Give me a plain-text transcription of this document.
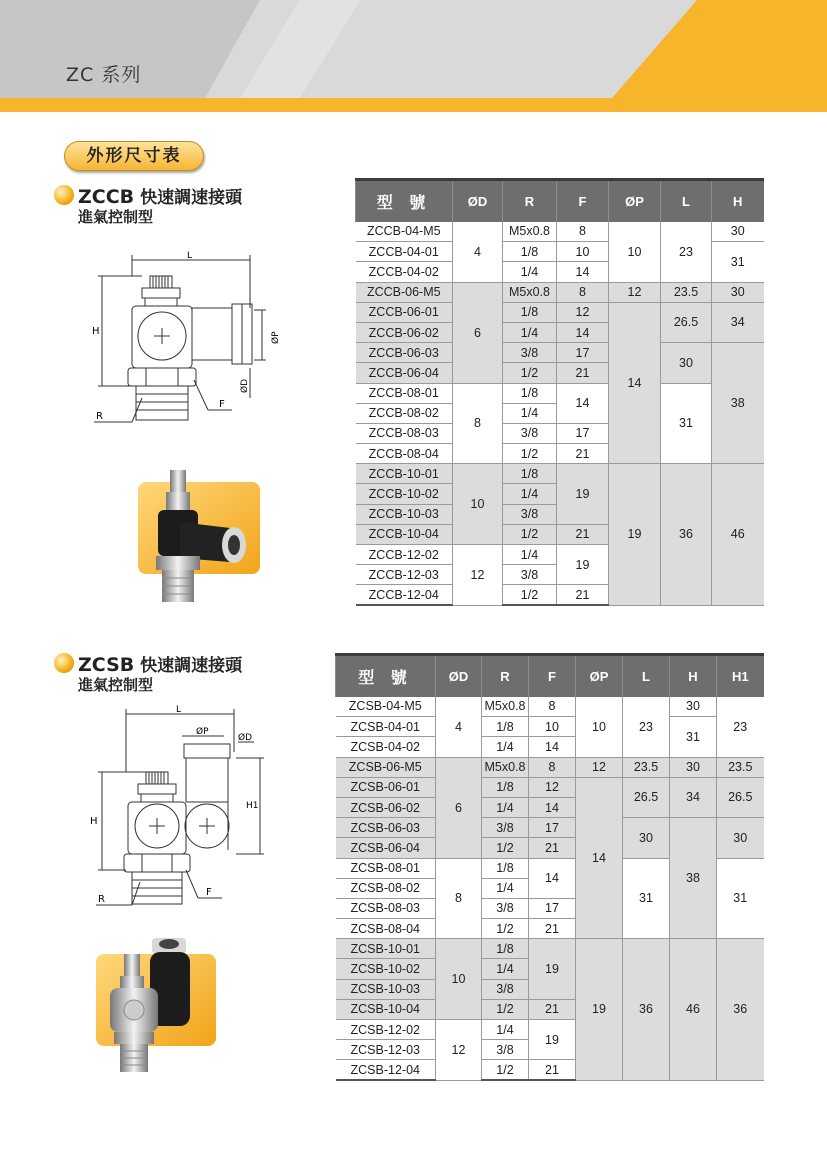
ZC 系列
外形尺寸表
ZCCB 快速調速接頭
進氣控制型
L
H	ØP
ØD
R
F
型 號	ØD	R	F	ØP	L	H
ZCCB-04-M5	4	M5x0.8	8	10	23	30
ZCCB-04-01		1/8	10			31
ZCCB-04-02		1/4	14			
ZCCB-06-M5	6	M5x0.8	8	12	23.5	30
ZCCB-06-01		1/8	12	14	26.5	34
ZCCB-06-02		1/4	14			
ZCCB-06-03		3/8	17		30	38
ZCCB-06-04		1/2	21			
ZCCB-08-01	8	1/8	14		31	
ZCCB-08-02		1/4				
ZCCB-08-03		3/8	17			
ZCCB-08-04		1/2	21			
ZCCB-10-01	10	1/8	19	19	36	46
ZCCB-10-02		1/4				
ZCCB-10-03		3/8				
ZCCB-10-04		1/2	21			
ZCCB-12-02	12	1/4	19			
ZCCB-12-03		3/8				
ZCCB-12-04		1/2	21			
ZCSB 快速調速接頭
進氣控制型
L
ØP
ØD
H
H1
R
F
型 號	ØD	R	F	ØP	L	H	H1
ZCSB-04-M5	4	M5x0.8	8	10	23	30	23
ZCSB-04-01		1/8	10			31	
ZCSB-04-02		1/4	14				
ZCSB-06-M5	6	M5x0.8	8	12	23.5	30	23.5
ZCSB-06-01		1/8	12	14	26.5	34	26.5
ZCSB-06-02		1/4	14				
ZCSB-06-03		3/8	17		30	38	30
ZCSB-06-04		1/2	21				
ZCSB-08-01	8	1/8	14		31		31
ZCSB-08-02		1/4					
ZCSB-08-03		3/8	17				
ZCSB-08-04		1/2	21				
ZCSB-10-01	10	1/8	19	19	36	46	36
ZCSB-10-02		1/4					
ZCSB-10-03		3/8					
ZCSB-10-04		1/2	21				
ZCSB-12-02	12	1/4	19				
ZCSB-12-03		3/8					
ZCSB-12-04		1/2	21				
